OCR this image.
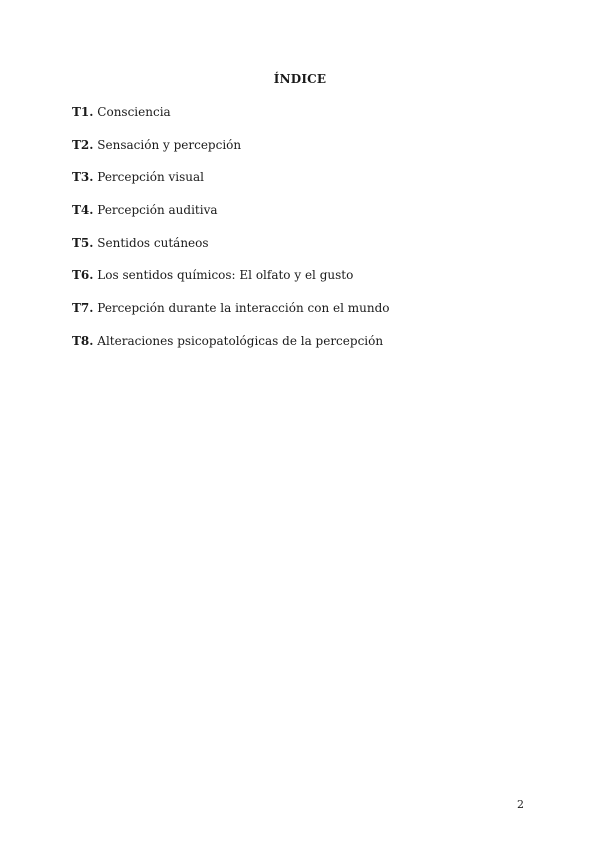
ÍNDICE
T1. Consciencia
T2. Sensación y percepción
T3. Percepción visual
T4. Percepción auditiva
T5. Sentidos cutáneos
T6. Los sentidos químicos: El olfato y el gusto
T7. Percepción durante la interacción con el mundo
T8. Alteraciones psicopatológicas de la percepción
2
